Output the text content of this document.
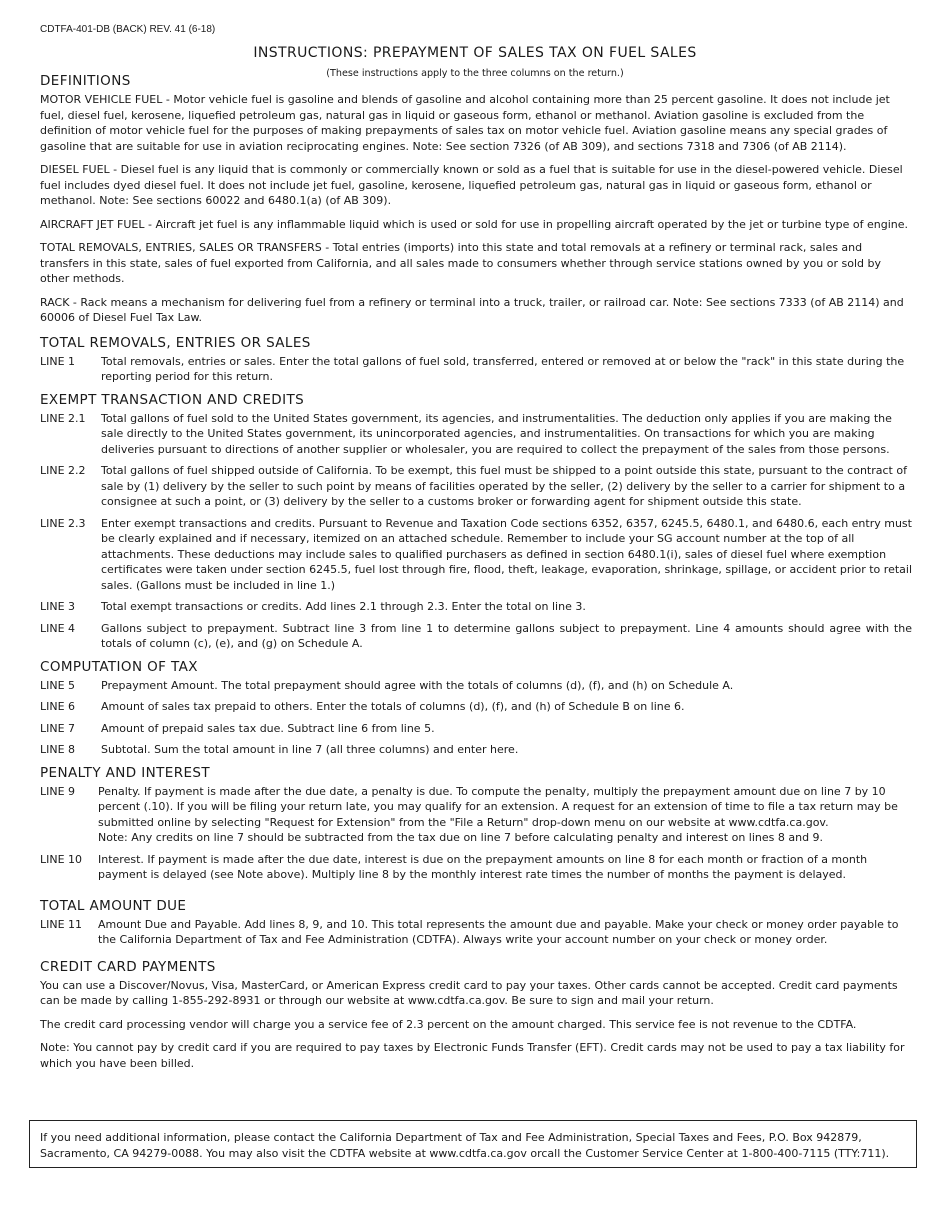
CDTFA-401-DB (BACK) REV. 41 (6-18)
INSTRUCTIONS: PREPAYMENT OF SALES TAX ON FUEL SALES
(These instructions apply to the three columns on the return.)
DEFINITIONS
MOTOR VEHICLE FUEL - Motor vehicle fuel is gasoline and blends of gasoline and alcohol containing more than 25 percent gasoline. It does not include jet fuel, diesel fuel, kerosene, liquefied petroleum gas, natural gas in liquid or gaseous form, ethanol or methanol. Aviation gasoline is excluded from the definition of motor vehicle fuel for the purposes of making prepayments of sales tax on motor vehicle fuel. Aviation gasoline means any special grades of gasoline that are suitable for use in aviation reciprocating engines. Note: See section 7326 (of AB 309), and sections 7318 and 7306 (of AB 2114).
DIESEL FUEL - Diesel fuel is any liquid that is commonly or commercially known or sold as a fuel that is suitable for use in the diesel-powered vehicle. Diesel fuel includes dyed diesel fuel. It does not include jet fuel, gasoline, kerosene, liquefied petroleum gas, natural gas in liquid or gaseous form, ethanol or methanol. Note: See sections 60022 and 6480.1(a) (of AB 309).
AIRCRAFT JET FUEL - Aircraft jet fuel is any inflammable liquid which is used or sold for use in propelling aircraft operated by the jet or turbine type of engine.
TOTAL REMOVALS, ENTRIES, SALES OR TRANSFERS - Total entries (imports) into this state and total removals at a refinery or terminal rack, sales and transfers in this state, sales of fuel exported from California, and all sales made to consumers whether through service stations owned by you or sold by other methods.
RACK - Rack means a mechanism for delivering fuel from a refinery or terminal into a truck, trailer, or railroad car. Note: See sections 7333 (of AB 2114) and 60006 of Diesel Fuel Tax Law.
TOTAL REMOVALS, ENTRIES OR SALES
LINE 1	Total removals, entries or sales. Enter the total gallons of fuel sold, transferred, entered or removed at or below the "rack" in this state during the reporting period for this return.
EXEMPT TRANSACTION AND CREDITS
LINE 2.1	Total gallons of fuel sold to the United States government, its agencies, and instrumentalities. The deduction only applies if you are making the sale directly to the United States government, its unincorporated agencies, and instrumentalities. On transactions for which you are making deliveries pursuant to directions of another supplier or wholesaler, you are required to collect the prepayment of the sales from those persons.
LINE 2.2	Total gallons of fuel shipped outside of California. To be exempt, this fuel must be shipped to a point outside this state, pursuant to the contract of sale by (1) delivery by the seller to such point by means of facilities operated by the seller, (2) delivery by the seller to a carrier for shipment to a consignee at such a point, or (3) delivery by the seller to a customs broker or forwarding agent for shipment outside this state.
LINE 2.3	Enter exempt transactions and credits. Pursuant to Revenue and Taxation Code sections 6352, 6357, 6245.5, 6480.1, and 6480.6, each entry must be clearly explained and if necessary, itemized on an attached schedule. Remember to include your SG account number at the top of all attachments. These deductions may include sales to qualified purchasers as defined in section 6480.1(i), sales of diesel fuel where exemption certificates were taken under section 6245.5, fuel lost through fire, flood, theft, leakage, evaporation, shrinkage, spillage, or accident prior to retail sales. (Gallons must be included in line 1.)
LINE 3	Total exempt transactions or credits. Add lines 2.1 through 2.3. Enter the total on line 3.
LINE 4	Gallons subject to prepayment. Subtract line 3 from line 1 to determine gallons subject to prepayment. Line 4 amounts should agree with the totals of column (c), (e), and (g) on Schedule A.
COMPUTATION OF TAX
LINE 5	Prepayment Amount. The total prepayment should agree with the totals of columns (d), (f), and (h) on Schedule A.
LINE 6	Amount of sales tax prepaid to others. Enter the totals of columns (d), (f), and (h) of Schedule B on line 6.
LINE 7	Amount of prepaid sales tax due. Subtract line 6 from line 5.
LINE 8	Subtotal. Sum the total amount in line 7 (all three columns) and enter here.
PENALTY AND INTEREST
LINE 9	Penalty. If payment is made after the due date, a penalty is due. To compute the penalty, multiply the prepayment amount due on line 7 by 10 percent (.10). If you will be filing your return late, you may qualify for an extension. A request for an extension of time to file a tax return may be submitted online by selecting "Request for Extension" from the "File a Return" drop-down menu on our website at www.cdtfa.ca.gov.
Note: Any credits on line 7 should be subtracted from the tax due on line 7 before calculating penalty and interest on lines 8 and 9.
LINE 10	Interest. If payment is made after the due date, interest is due on the prepayment amounts on line 8 for each month or fraction of a month payment is delayed (see Note above). Multiply line 8 by the monthly interest rate times the number of months the payment is delayed.
TOTAL AMOUNT DUE
LINE 11	Amount Due and Payable. Add lines 8, 9, and 10. This total represents the amount due and payable. Make your check or money order payable to the California Department of Tax and Fee Administration (CDTFA). Always write your account number on your check or money order.
CREDIT CARD PAYMENTS
You can use a Discover/Novus, Visa, MasterCard, or American Express credit card to pay your taxes. Other cards cannot be accepted. Credit card payments can be made by calling 1-855-292-8931 or through our website at www.cdtfa.ca.gov. Be sure to sign and mail your return.
The credit card processing vendor will charge you a service fee of 2.3 percent on the amount charged. This service fee is not revenue to the CDTFA.
Note: You cannot pay by credit card if you are required to pay taxes by Electronic Funds Transfer (EFT). Credit cards may not be used to pay a tax liability for which you have been billed.
If you need additional information, please contact the California Department of Tax and Fee Administration, Special Taxes and Fees, P.O. Box 942879, Sacramento, CA 94279-0088. You may also visit the CDTFA website at www.cdtfa.ca.gov orcall the Customer Service Center at 1-800-400-7115 (TTY:711).
